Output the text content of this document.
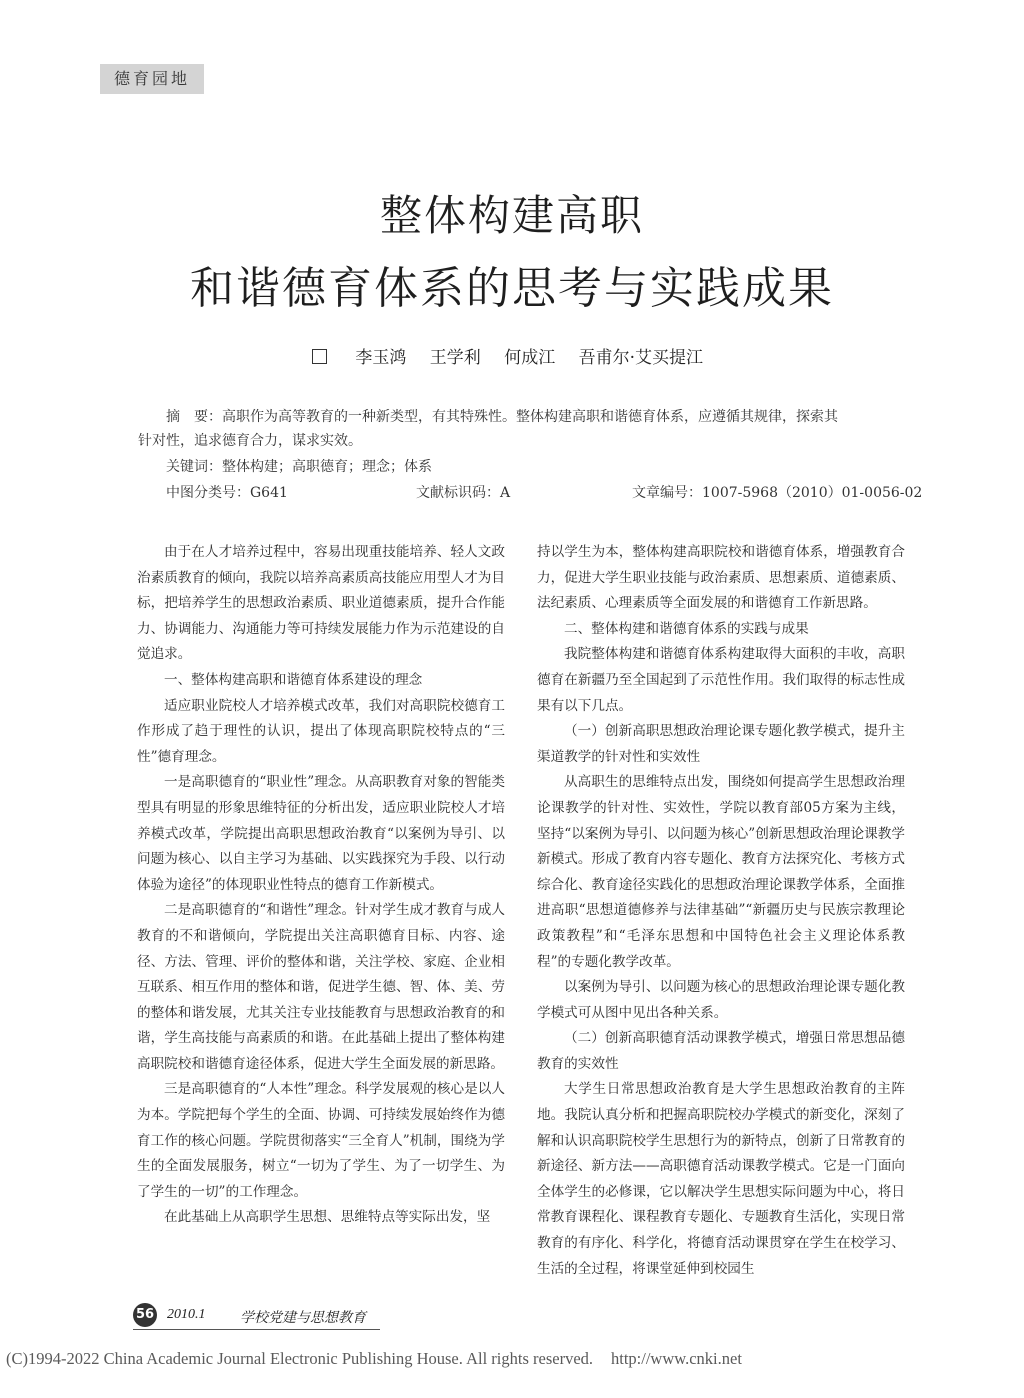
德育园地
整体构建高职
和谐德育体系的思考与实践成果
李玉鸿 王学利 何成江 吾甫尔·艾买提江
摘　要：高职作为高等教育的一种新类型，有其特殊性。整体构建高职和谐德育体系，应遵循其规律，探索其
针对性，追求德育合力，谋求实效。
关键词：整体构建；高职德育；理念；体系
中图分类号：G641	文献标识码：A	文章编号：1007-5968（2010）01-0056-02

由于在人才培养过程中，容易出现重技能培养、轻人文政治素质教育的倾向，我院以培养高素质高技能应用型人才为目标，把培养学生的思想政治素质、职业道德素质，提升合作能力、协调能力、沟通能力等可持续发展能力作为示范建设的自觉追求。

一、整体构建高职和谐德育体系建设的理念

适应职业院校人才培养模式改革，我们对高职院校德育工作形成了趋于理性的认识，提出了体现高职院校特点的“三性”德育理念。

一是高职德育的“职业性”理念。从高职教育对象的智能类型具有明显的形象思维特征的分析出发，适应职业院校人才培养模式改革，学院提出高职思想政治教育“以案例为导引、以问题为核心、以自主学习为基础、以实践探究为手段、以行动体验为途径”的体现职业性特点的德育工作新模式。

二是高职德育的“和谐性”理念。针对学生成才教育与成人教育的不和谐倾向，学院提出关注高职德育目标、内容、途径、方法、管理、评价的整体和谐，关注学校、家庭、企业相互联系、相互作用的整体和谐，促进学生德、智、体、美、劳的整体和谐发展，尤其关注专业技能教育与思想政治教育的和谐，学生高技能与高素质的和谐。在此基础上提出了整体构建高职院校和谐德育途径体系，促进大学生全面发展的新思路。

三是高职德育的“人本性”理念。科学发展观的核心是以人为本。学院把每个学生的全面、协调、可持续发展始终作为德育工作的核心问题。学院贯彻落实“三全育人”机制，围绕为学生的全面发展服务，树立“一切为了学生、为了一切学生、为了学生的一切”的工作理念。

在此基础上从高职学生思想、思维特点等实际出发，坚

持以学生为本，整体构建高职院校和谐德育体系，增强教育合力，促进大学生职业技能与政治素质、思想素质、道德素质、法纪素质、心理素质等全面发展的和谐德育工作新思路。

二、整体构建和谐德育体系的实践与成果

我院整体构建和谐德育体系构建取得大面积的丰收，高职德育在新疆乃至全国起到了示范性作用。我们取得的标志性成果有以下几点。

（一）创新高职思想政治理论课专题化教学模式，提升主渠道教学的针对性和实效性

从高职生的思维特点出发，围绕如何提高学生思想政治理论课教学的针对性、实效性，学院以教育部05方案为主线，坚持“以案例为导引、以问题为核心”创新思想政治理论课教学新模式。形成了教育内容专题化、教育方法探究化、考核方式综合化、教育途径实践化的思想政治理论课教学体系，全面推进高职“思想道德修养与法律基础”“新疆历史与民族宗教理论政策教程”和“毛泽东思想和中国特色社会主义理论体系教程”的专题化教学改革。

以案例为导引、以问题为核心的思想政治理论课专题化教学模式可从图中见出各种关系。

（二）创新高职德育活动课教学模式，增强日常思想品德教育的实效性

大学生日常思想政治教育是大学生思想政治教育的主阵地。我院认真分析和把握高职院校办学模式的新变化，深刻了解和认识高职院校学生思想行为的新特点，创新了日常教育的新途径、新方法——高职德育活动课教学模式。它是一门面向全体学生的必修课，它以解决学生思想实际问题为中心，将日常教育课程化、课程教育专题化、专题教育生活化，实现日常教育的有序化、科学化，将德育活动课贯穿在学生在校学习、生活的全过程，将课堂延伸到校园生

56 2010.1 学校党建与思想教育
(C)1994-2022 China Academic Journal Electronic Publishing House. All rights reserved. http://www.cnki.net
